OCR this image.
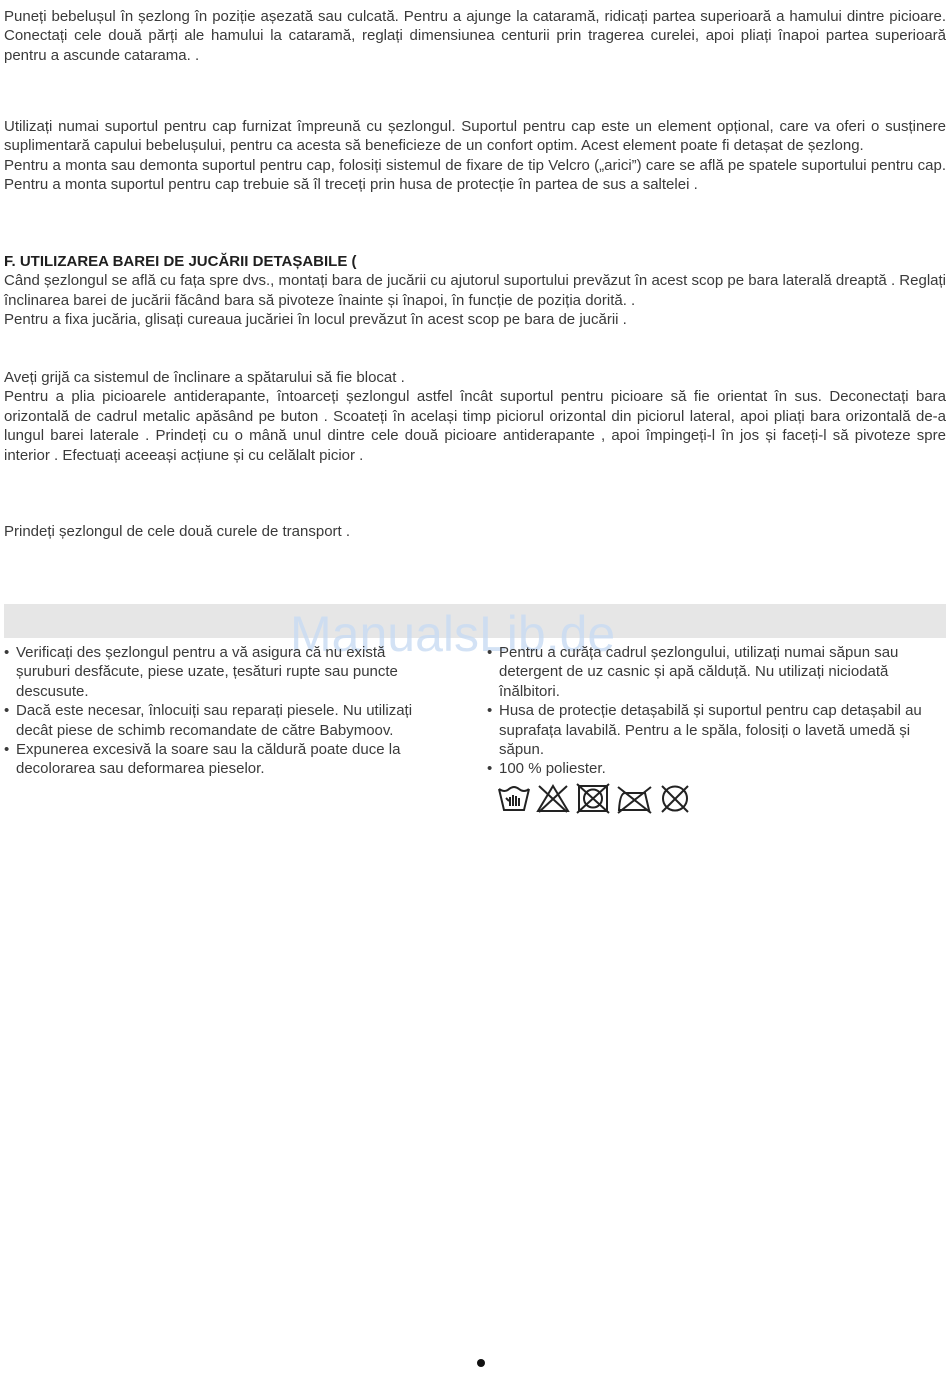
Puneți bebelușul în șezlong în poziție așezată sau culcată. Pentru a ajunge la cataramă, ridicați partea superioară a hamului dintre picioare. Conectați cele două părți ale hamului la cataramă, reglați dimensiunea centurii prin tragerea curelei, apoi pliați înapoi partea superioară pentru a ascunde catarama. .

Utilizați numai suportul pentru cap furnizat împreună cu șezlongul. Suportul pentru cap este un element opțional, care va oferi o susținere suplimentară capului bebelușului, pentru ca acesta să beneficieze de un confort optim. Acest element poate fi detașat de șezlong.

Pentru a monta sau demonta suportul pentru cap, folosiți sistemul de fixare de tip Velcro („arici”) care se află pe spatele suportului pentru cap. Pentru a monta suportul pentru cap trebuie să îl treceți prin husa de protecție în partea de sus a saltelei .

F. UTILIZAREA BAREI DE JUCĂRII DETAȘABILE (

Când șezlongul se află cu fața spre dvs., montați bara de jucării cu ajutorul suportului prevăzut în acest scop pe bara laterală dreaptă . Reglați înclinarea barei de jucării făcând bara să pivoteze înainte și înapoi, în funcție de poziția dorită. .

Pentru a fixa jucăria, glisați cureaua jucăriei în locul prevăzut în acest scop pe bara de jucării .

Aveți grijă ca sistemul de înclinare a spătarului să fie blocat .

Pentru a plia picioarele antiderapante, întoarceți șezlongul astfel încât suportul pentru picioare să fie orientat în sus. Deconectați bara orizontală de cadrul metalic apăsând pe buton . Scoateți în același timp piciorul orizontal din piciorul lateral, apoi pliați bara orizontală de-a lungul barei laterale . Prindeți cu o mână unul dintre cele două picioare antiderapante , apoi împingeți-l în jos și faceți-l să pivoteze spre interior . Efectuați aceeași acțiune și cu celălalt picior .

Prindeți șezlongul de cele două curele de transport .

ManualsLib.de
• Verificați des șezlongul pentru a vă asigura că nu există șuruburi desfăcute, piese uzate, țesături rupte sau puncte descusute.
• Dacă este necesar, înlocuiți sau reparați piesele. Nu utilizați decât piese de schimb recomandate de către Babymoov.
• Expunerea excesivă la soare sau la căldură poate duce la decolorarea sau deformarea pieselor.
• Pentru a curăța cadrul șezlongului, utilizați numai săpun sau detergent de uz casnic și apă călduță. Nu utilizați niciodată înălbitori.
• Husa de protecție detașabilă și suportul pentru cap detașabil au suprafața lavabilă. Pentru a le spăla, folosiți o lavetă umedă și săpun.
• 100 % poliester.
